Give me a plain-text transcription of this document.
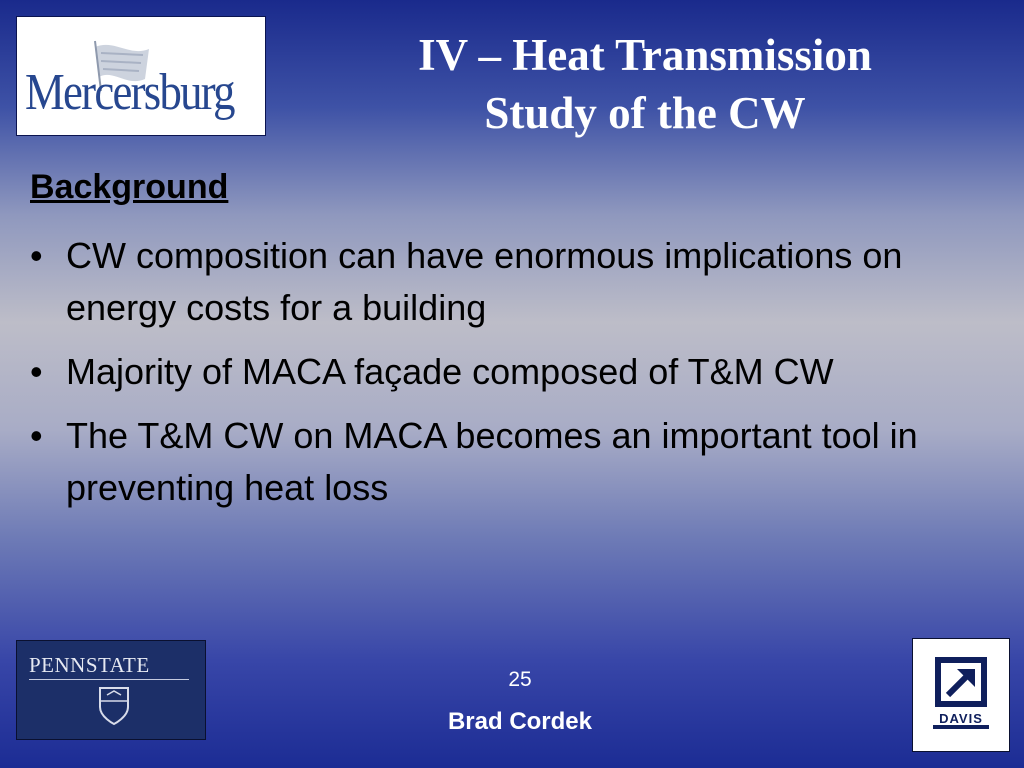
Mercersburg
IV – Heat Transmission
Study of the CW
Background
• CW composition can have enormous implications on energy costs for a building
• Majority of MACA façade composed of T&M CW
• The T&M CW on MACA becomes an important tool in preventing heat loss
PENNSTATE
25
Brad Cordek	DAVIS
